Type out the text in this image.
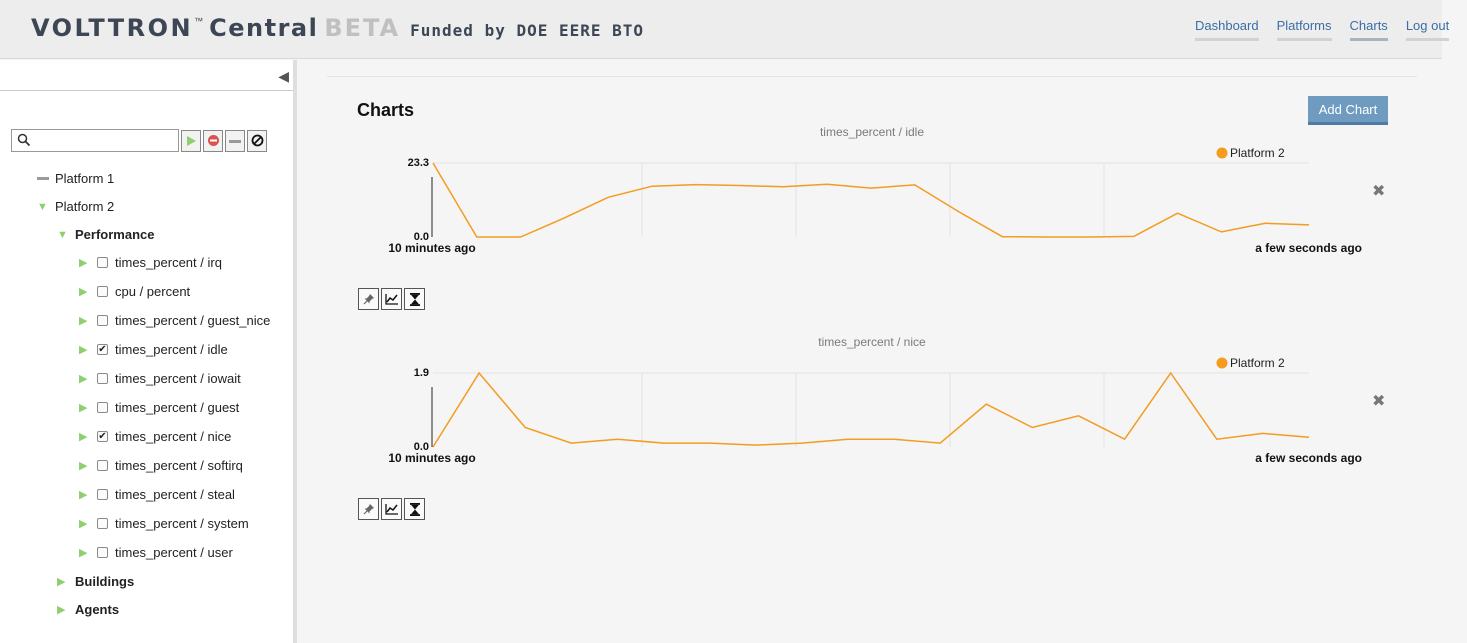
VOLTTRON™ Central BETA Funded by DOE EERE BTO	Dashboard Platforms Charts Log out
◀
Platform 1
▼ Platform 2
▼ Performance
▶	times_percent / irq
▶	cpu / percent
▶	times_percent / guest_nice
▶	✔ times_percent / idle
▶	times_percent / iowait
▶	times_percent / guest
▶	✔ times_percent / nice
▶	times_percent / softirq
▶	times_percent / steal
▶	times_percent / system
▶	times_percent / user
▶ Buildings
▶ Agents
Charts	Add Chart
times_percent / idle
23.3
0.0
10 minutes ago	a few seconds ago
Platform 2
✖
times_percent / nice
1.9
0.0
10 minutes ago	a few seconds ago
Platform 2
✖
